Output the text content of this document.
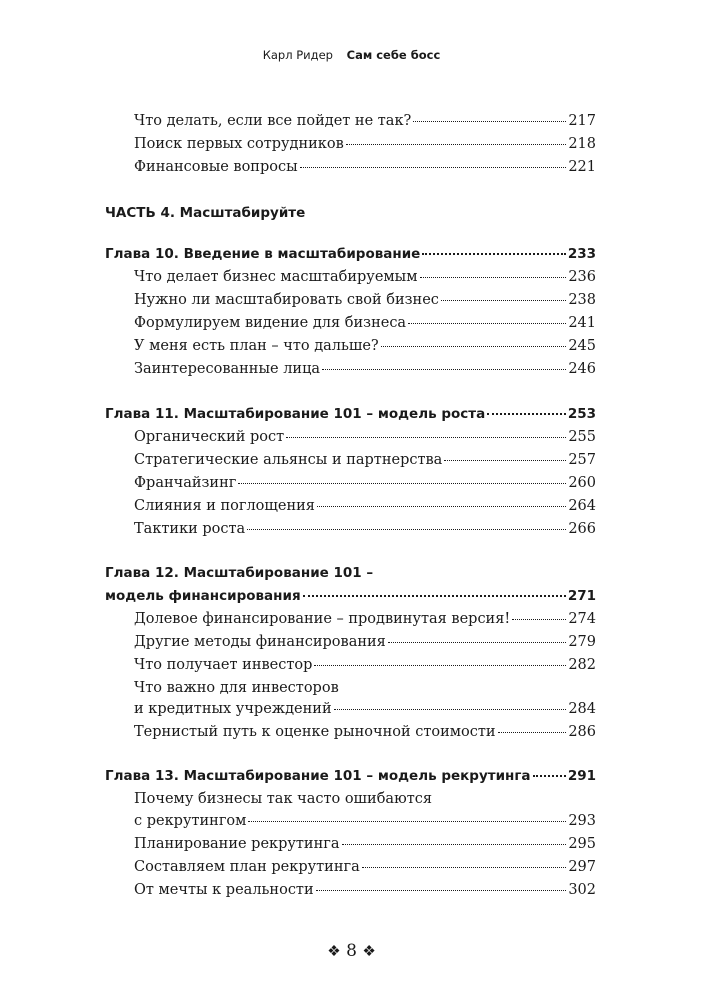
Карл Ридер Сам себе босс
Что делать, если все пойдет не так?	217
Поиск первых сотрудников	218
Финансовые вопросы	221
ЧАСТЬ 4. Масштабируйте
Глава 10. Введение в масштабирование	233
Что делает бизнес масштабируемым	236
Нужно ли масштабировать свой бизнес	238
Формулируем видение для бизнеса	241
У меня есть план – что дальше?	245
Заинтересованные лица	246
Глава 11. Масштабирование 101 – модель роста	253
Органический рост	255
Стратегические альянсы и партнерства	257
Франчайзинг	260
Слияния и поглощения	264
Тактики роста	266
Глава 12. Масштабирование 101 –
модель финансирования	271
Долевое финансирование – продвинутая версия!	274
Другие методы финансирования	279
Что получает инвестор	282
Что важно для инвесторов
и кредитных учреждений	284
Тернистый путь к оценке рыночной стоимости	286
Глава 13. Масштабирование 101 – модель рекрутинга	291
Почему бизнесы так часто ошибаются
с рекрутингом	293
Планирование рекрутинга	295
Составляем план рекрутинга	297
От мечты к реальности	302
❖ 8 ❖
